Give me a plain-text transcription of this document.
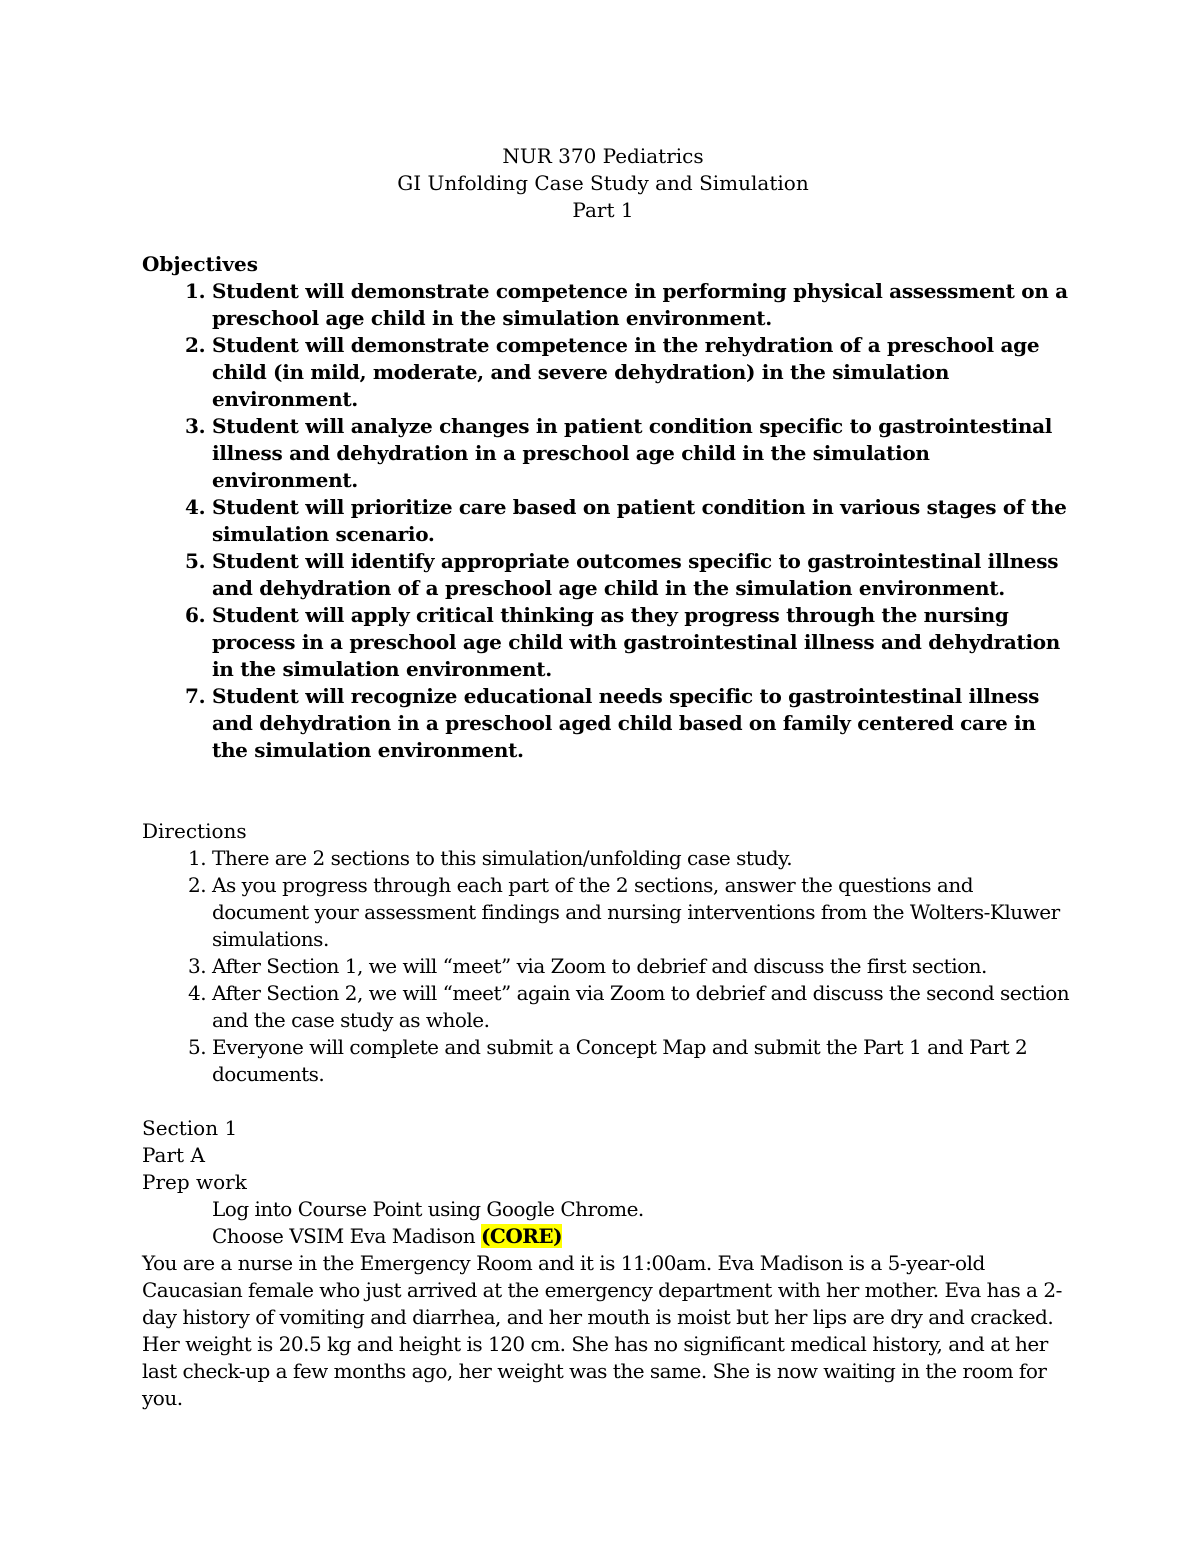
NUR 370 Pediatrics
GI Unfolding Case Study and Simulation
Part 1
Objectives
1. Student will demonstrate competence in performing physical assessment on a preschool age child in the simulation environment.
2. Student will demonstrate competence in the rehydration of a preschool age child (in mild, moderate, and severe dehydration) in the simulation environment.
3. Student will analyze changes in patient condition specific to gastrointestinal illness and dehydration in a preschool age child in the simulation environment.
4. Student will prioritize care based on patient condition in various stages of the simulation scenario.
5. Student will identify appropriate outcomes specific to gastrointestinal illness and dehydration of a preschool age child in the simulation environment.
6. Student will apply critical thinking as they progress through the nursing process in a preschool age child with gastrointestinal illness and dehydration in the simulation environment.
7. Student will recognize educational needs specific to gastrointestinal illness and dehydration in a preschool aged child based on family centered care in the simulation environment.
Directions
1. There are 2 sections to this simulation/unfolding case study.
2. As you progress through each part of the 2 sections, answer the questions and document your assessment findings and nursing interventions from the Wolters-Kluwer simulations.
3. After Section 1, we will “meet” via Zoom to debrief and discuss the first section.
4. After Section 2, we will “meet” again via Zoom to debrief and discuss the second section and the case study as whole.
5. Everyone will complete and submit a Concept Map and submit the Part 1 and Part 2 documents.
Section 1
Part A
Prep work
Log into Course Point using Google Chrome.
Choose VSIM Eva Madison (CORE)
You are a nurse in the Emergency Room and it is 11:00am. Eva Madison is a 5-year-old Caucasian female who just arrived at the emergency department with her mother. Eva has a 2-day history of vomiting and diarrhea, and her mouth is moist but her lips are dry and cracked. Her weight is 20.5 kg and height is 120 cm. She has no significant medical history, and at her last check-up a few months ago, her weight was the same. She is now waiting in the room for you.
